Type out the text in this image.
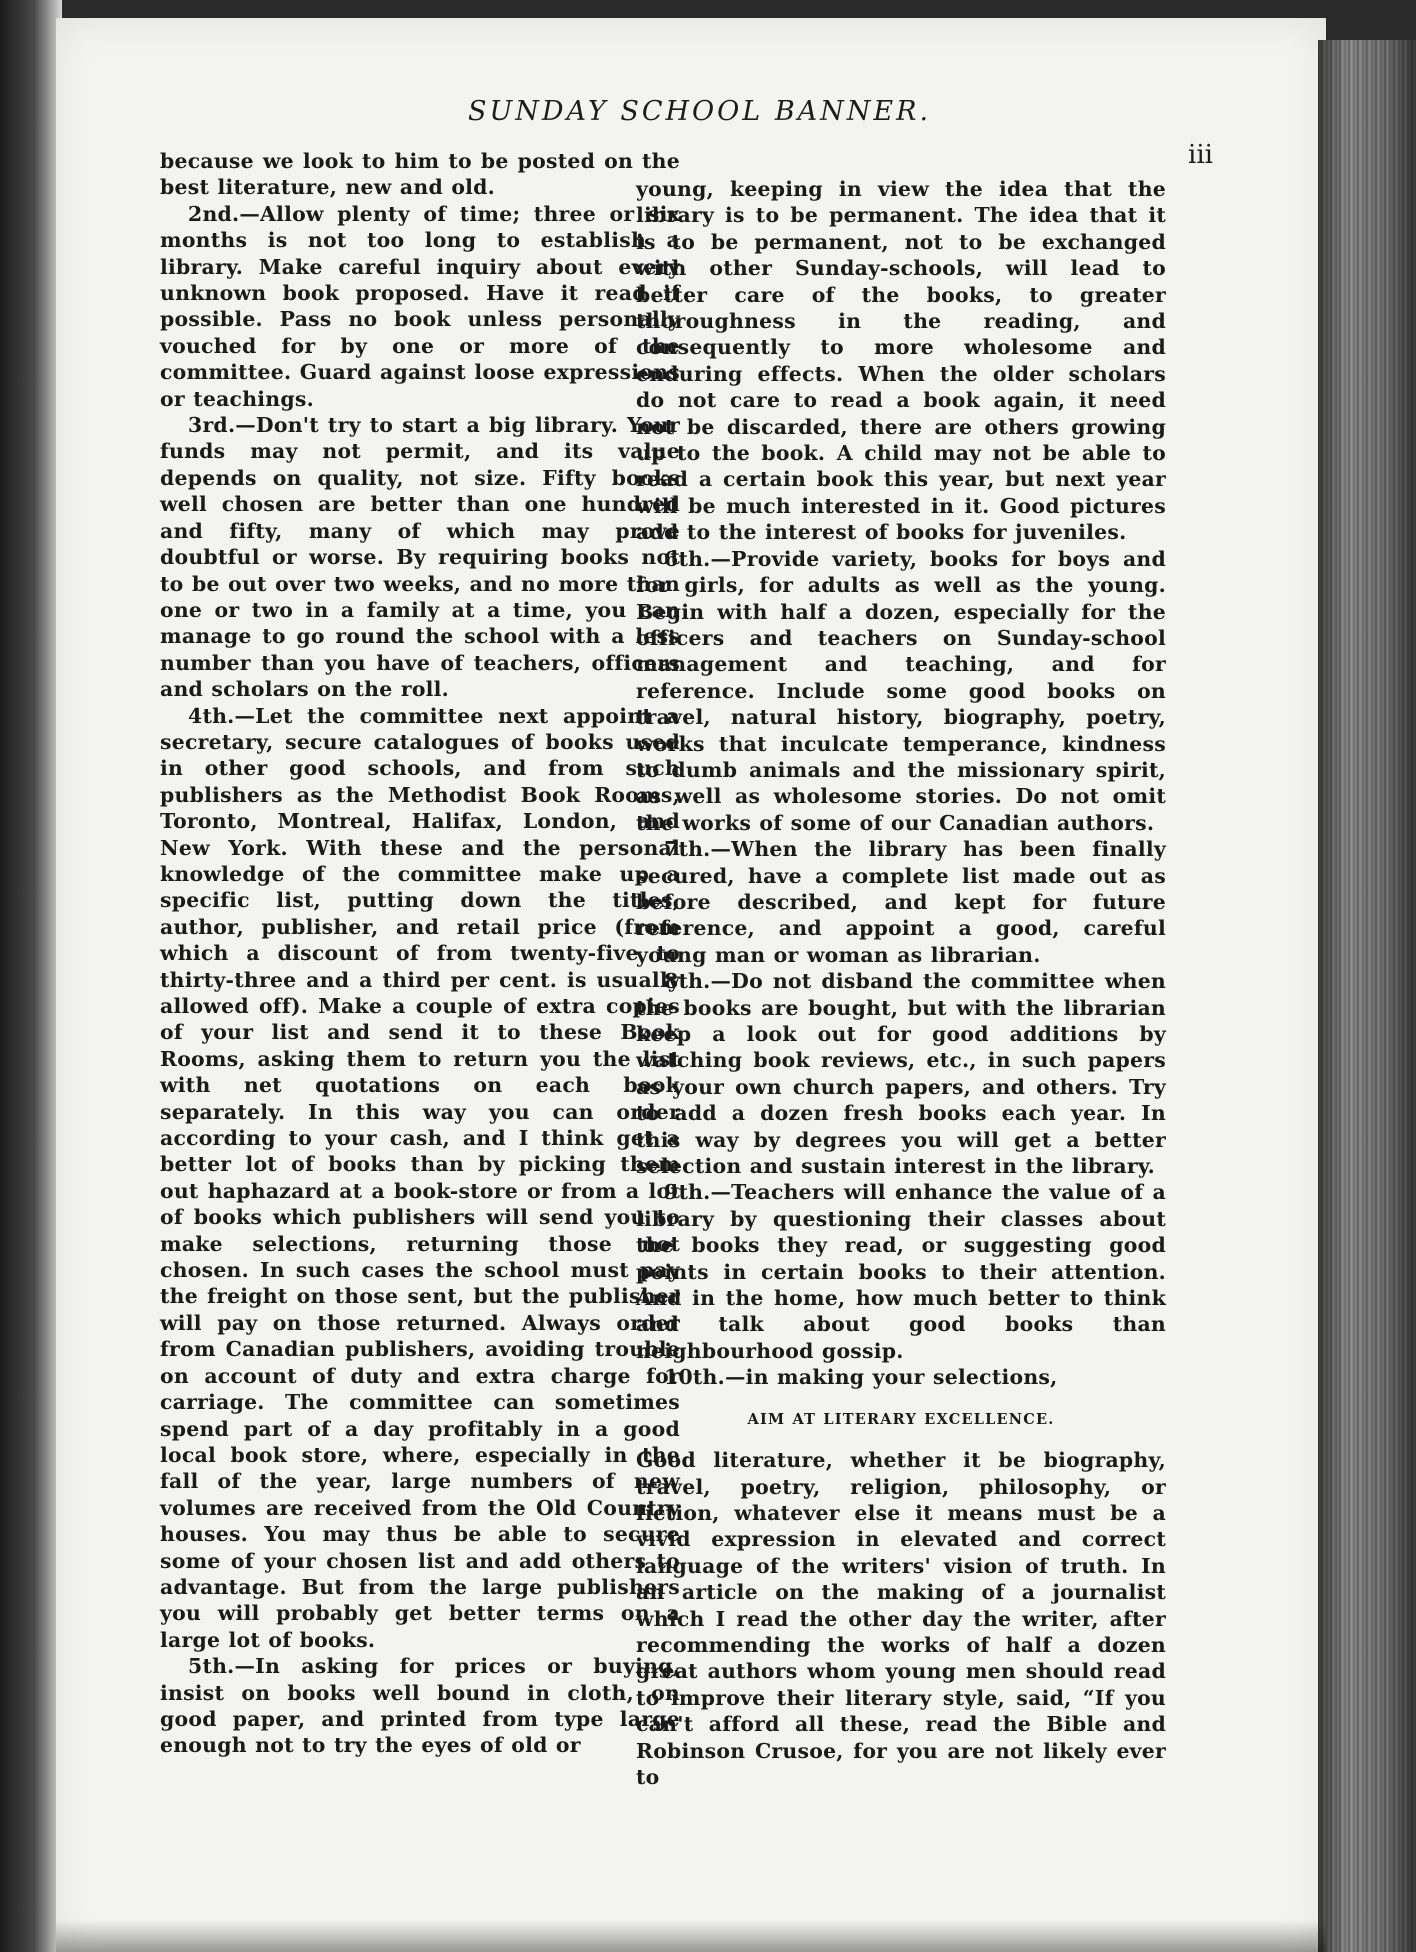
SUNDAY SCHOOL BANNER.
iii

because we look to him to be posted on the best literature, new and old.

2nd.—Allow plenty of time; three or six months is not too long to establish a library. Make careful inquiry about every unknown book proposed. Have it read if possible. Pass no book unless personally vouched for by one or more of the committee. Guard against loose expressions or teachings.

3rd.—Don't try to start a big library. Your funds may not permit, and its value depends on quality, not size. Fifty books well chosen are better than one hundred and fifty, many of which may prove doubtful or worse. By requiring books not to be out over two weeks, and no more than one or two in a family at a time, you can manage to go round the school with a less number than you have of teachers, officers and scholars on the roll.

4th.—Let the committee next appoint a secretary, secure catalogues of books used in other good schools, and from such publishers as the Methodist Book Rooms, Toronto, Montreal, Halifax, London, and New York. With these and the personal knowledge of the committee make up a specific list, putting down the titles, author, publisher, and retail price (from which a discount of from twenty-five to thirty-three and a third per cent. is usually allowed off). Make a couple of extra copies of your list and send it to these Book Rooms, asking them to return you the list with net quotations on each book separately. In this way you can order according to your cash, and I think get a better lot of books than by picking them out haphazard at a book-store or from a lot of books which publishers will send you to make selections, returning those not chosen. In such cases the school must pay the freight on those sent, but the publisher will pay on those returned. Always order from Canadian publishers, avoiding trouble on account of duty and extra charge for carriage. The committee can sometimes spend part of a day profitably in a good local book store, where, especially in the fall of the year, large numbers of new volumes are received from the Old Country houses. You may thus be able to secure some of your chosen list and add others to advantage. But from the large publishers you will probably get better terms on a large lot of books.

5th.—In asking for prices or buying, insist on books well bound in cloth, on good paper, and printed from type large enough not to try the eyes of old or

young, keeping in view the idea that the library is to be permanent. The idea that it is to be permanent, not to be exchanged with other Sunday-schools, will lead to better care of the books, to greater thoroughness in the reading, and consequently to more wholesome and enduring effects. When the older scholars do not care to read a book again, it need not be discarded, there are others growing up to the book. A child may not be able to read a certain book this year, but next year will be much interested in it. Good pictures add to the interest of books for juveniles.

6th.—Provide variety, books for boys and for girls, for adults as well as the young. Begin with half a dozen, especially for the officers and teachers on Sunday-school management and teaching, and for reference. Include some good books on travel, natural history, biography, poetry, works that inculcate temperance, kindness to dumb animals and the missionary spirit, as well as wholesome stories. Do not omit the works of some of our Canadian authors.

7th.—When the library has been finally secured, have a complete list made out as before described, and kept for future reference, and appoint a good, careful young man or woman as librarian.

8th.—Do not disband the committee when the books are bought, but with the librarian keep a look out for good additions by watching book reviews, etc., in such papers as your own church papers, and others. Try to add a dozen fresh books each year. In this way by degrees you will get a better selection and sustain interest in the library.

9th.—Teachers will enhance the value of a library by questioning their classes about the books they read, or suggesting good points in certain books to their attention. And in the home, how much better to think and talk about good books than neighbourhood gossip.

10th.—in making your selections,

AIM AT LITERARY EXCELLENCE.

Good literature, whether it be biography, travel, poetry, religion, philosophy, or fiction, whatever else it means must be a vivid expression in elevated and correct language of the writers' vision of truth. In an article on the making of a journalist which I read the other day the writer, after recommending the works of half a dozen great authors whom young men should read to improve their literary style, said, “If you can't afford all these, read the Bible and Robinson Crusoe, for you are not likely ever to
